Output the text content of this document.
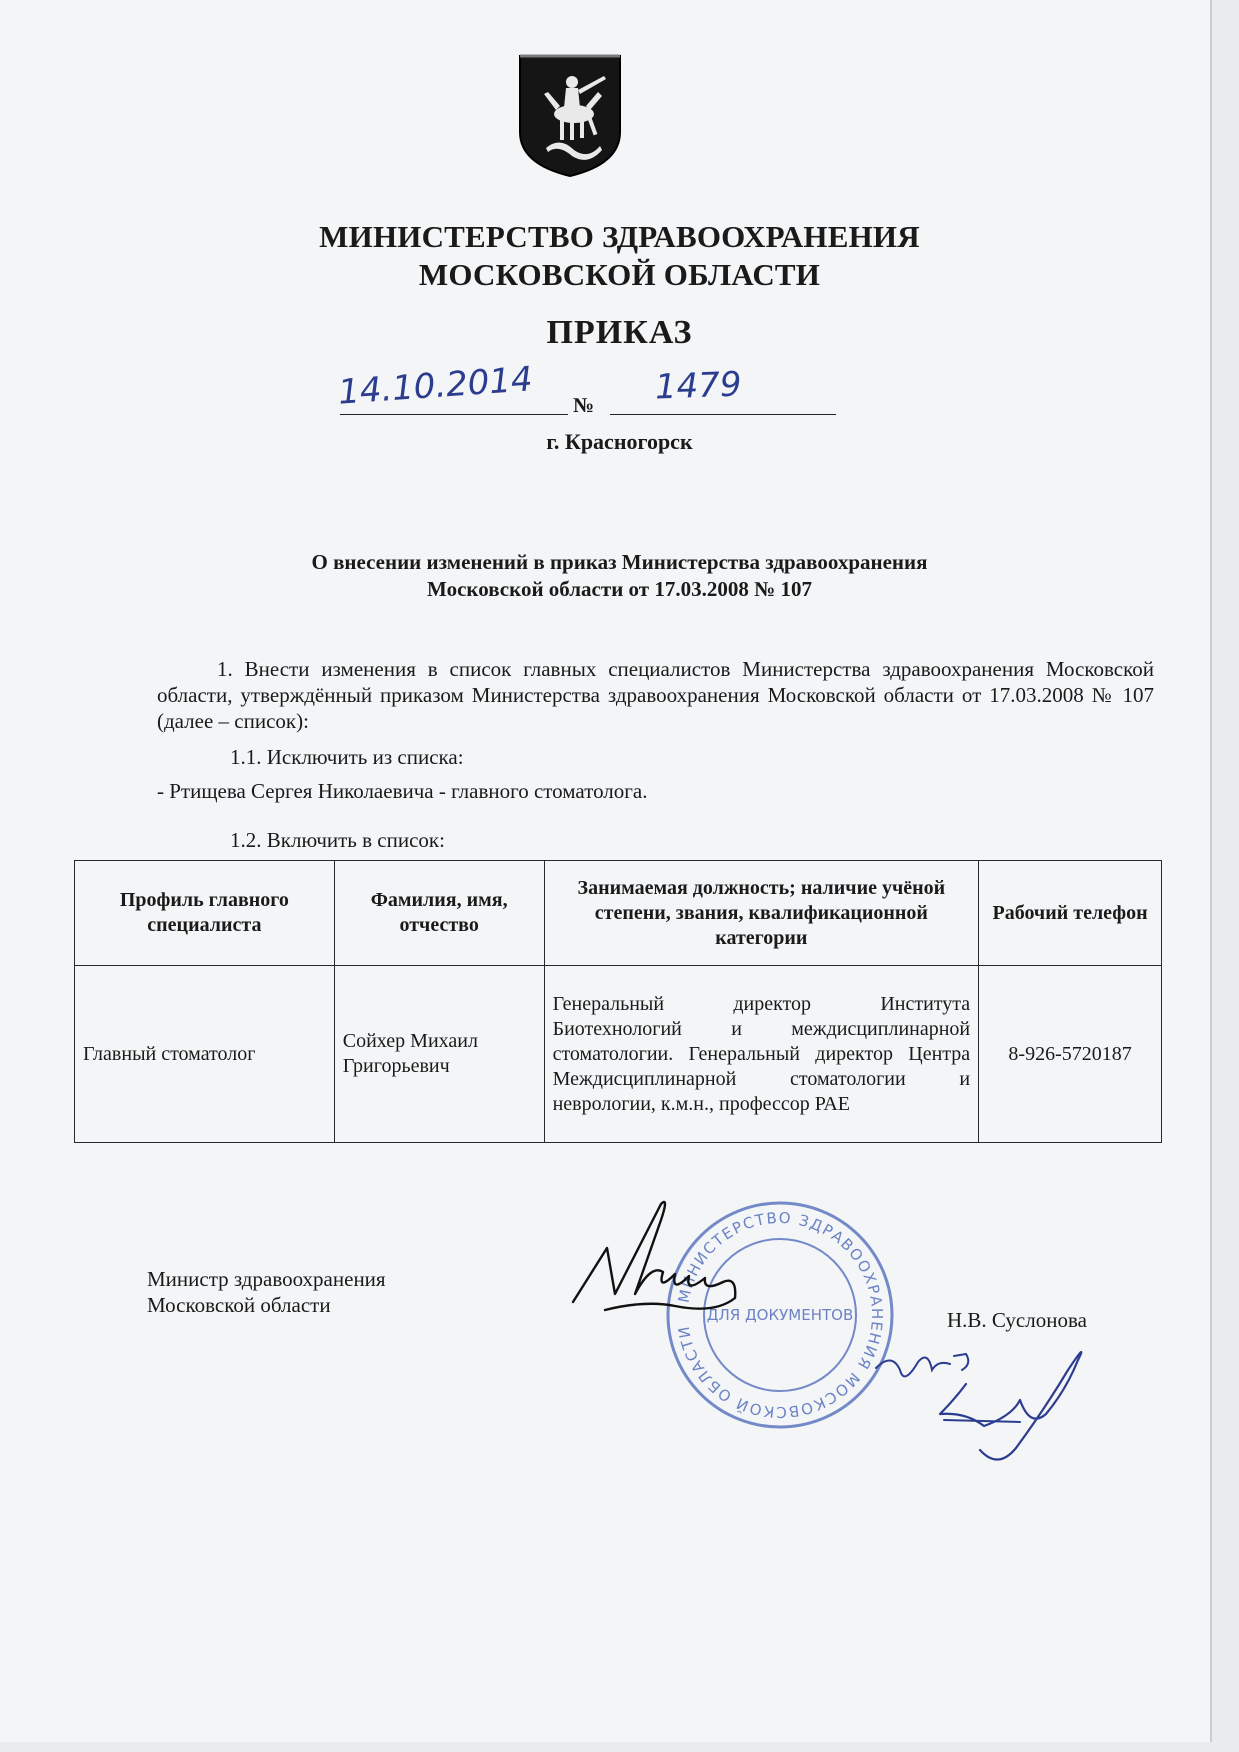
МИНИСТЕРСТВО ЗДРАВООХРАНЕНИЯ
МОСКОВСКОЙ ОБЛАСТИ
ПРИКАЗ
14.10.2014 № 1479
г. Красногорск
О внесении изменений в приказ Министерства здравоохранения
Московской области от 17.03.2008 № 107
1. Внести изменения в список главных специалистов Министерства здравоохранения Московской области, утверждённый приказом Министерства здравоохранения Московской области от 17.03.2008 № 107 (далее – список):
1.1. Исключить из списка:
- Ртищева Сергея Николаевича - главного стоматолога.
1.2. Включить в список:
Профиль главного специалиста	Фамилия, имя, отчество	Занимаемая должность; наличие учёной степени, звания, квалификационной категории	Рабочий телефон
Главный стоматолог	Сойхер Михаил Григорьевич	Генеральный директор Института Биотехнологий и междисциплинарной стоматологии. Генеральный директор Центра Междисциплинарной стоматологии и неврологии, к.м.н., профессор РАЕ	8-926-5720187
Министр здравоохранения
Московской области	МИНИСТЕРСТВО ЗДРАВООХРАНЕНИЯ МОСКОВСКОЙ ОБЛАСТИ
ДЛЯ ДОКУМЕНТОВ	Н.В. Суслонова
